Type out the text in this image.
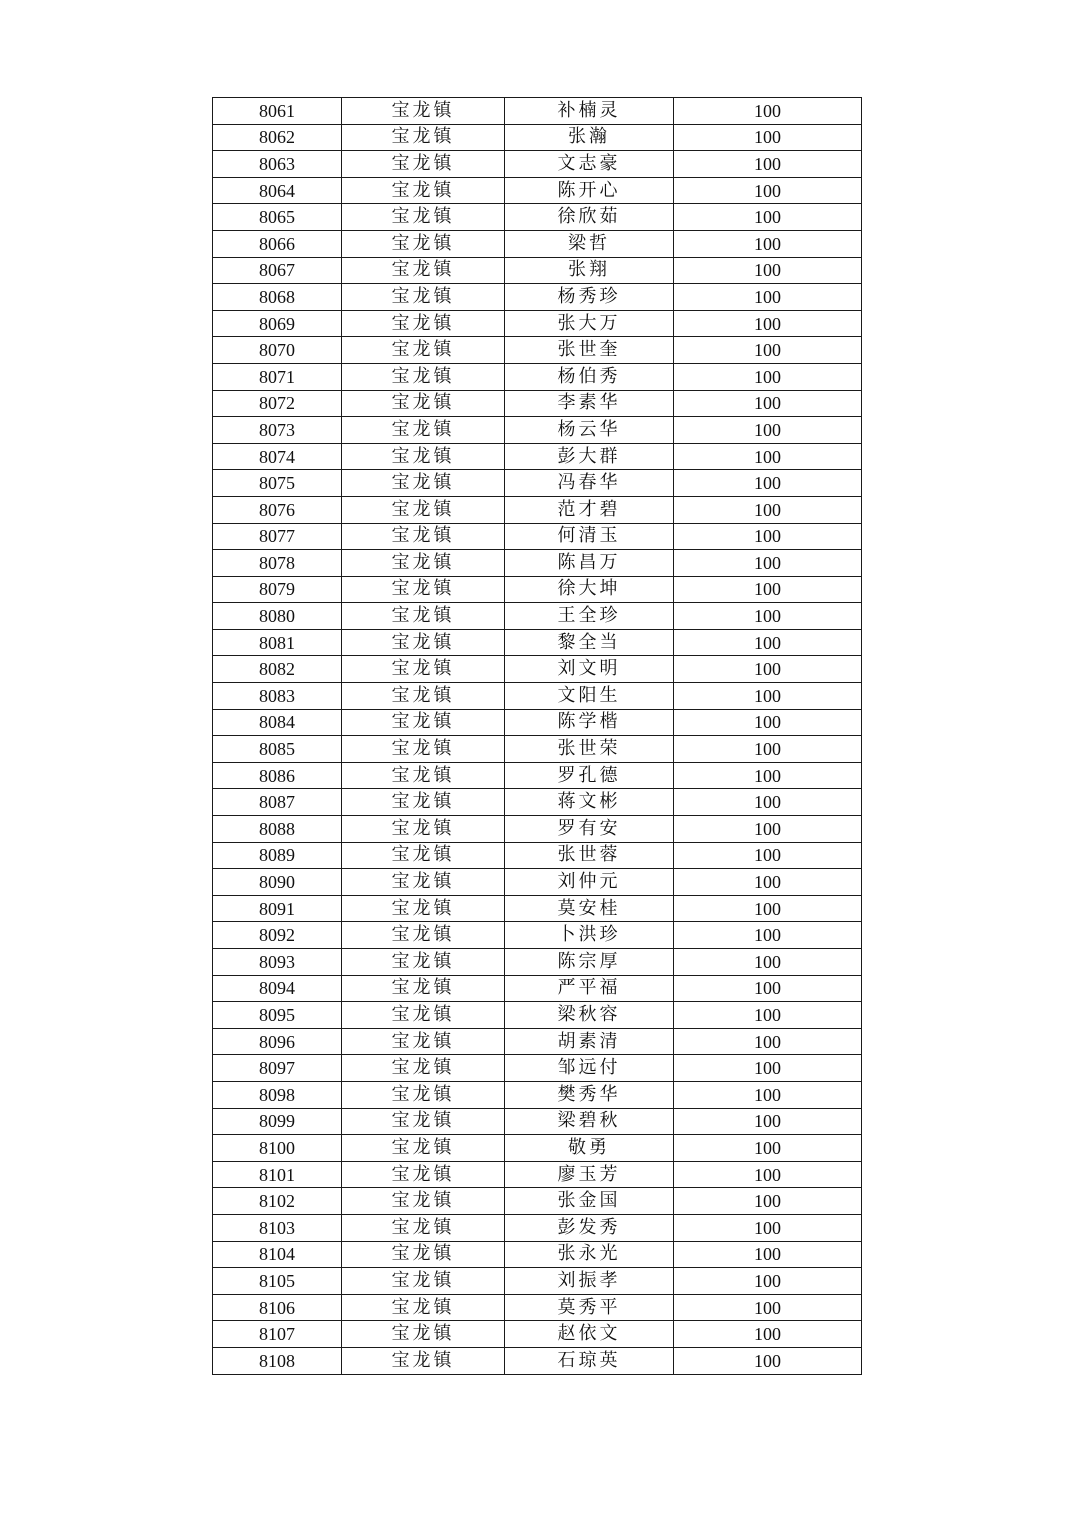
8061	宝龙镇	补楠灵	100
8062	宝龙镇	张瀚	100
8063	宝龙镇	文志豪	100
8064	宝龙镇	陈开心	100
8065	宝龙镇	徐欣茹	100
8066	宝龙镇	梁哲	100
8067	宝龙镇	张翔	100
8068	宝龙镇	杨秀珍	100
8069	宝龙镇	张大万	100
8070	宝龙镇	张世奎	100
8071	宝龙镇	杨伯秀	100
8072	宝龙镇	李素华	100
8073	宝龙镇	杨云华	100
8074	宝龙镇	彭大群	100
8075	宝龙镇	冯春华	100
8076	宝龙镇	范才碧	100
8077	宝龙镇	何清玉	100
8078	宝龙镇	陈昌万	100
8079	宝龙镇	徐大坤	100
8080	宝龙镇	王全珍	100
8081	宝龙镇	黎全当	100
8082	宝龙镇	刘文明	100
8083	宝龙镇	文阳生	100
8084	宝龙镇	陈学楷	100
8085	宝龙镇	张世荣	100
8086	宝龙镇	罗孔德	100
8087	宝龙镇	蒋文彬	100
8088	宝龙镇	罗有安	100
8089	宝龙镇	张世蓉	100
8090	宝龙镇	刘仲元	100
8091	宝龙镇	莫安桂	100
8092	宝龙镇	卜洪珍	100
8093	宝龙镇	陈宗厚	100
8094	宝龙镇	严平福	100
8095	宝龙镇	梁秋容	100
8096	宝龙镇	胡素清	100
8097	宝龙镇	邹远付	100
8098	宝龙镇	樊秀华	100
8099	宝龙镇	梁碧秋	100
8100	宝龙镇	敬勇	100
8101	宝龙镇	廖玉芳	100
8102	宝龙镇	张金国	100
8103	宝龙镇	彭发秀	100
8104	宝龙镇	张永光	100
8105	宝龙镇	刘振孝	100
8106	宝龙镇	莫秀平	100
8107	宝龙镇	赵依文	100
8108	宝龙镇	石琼英	100
